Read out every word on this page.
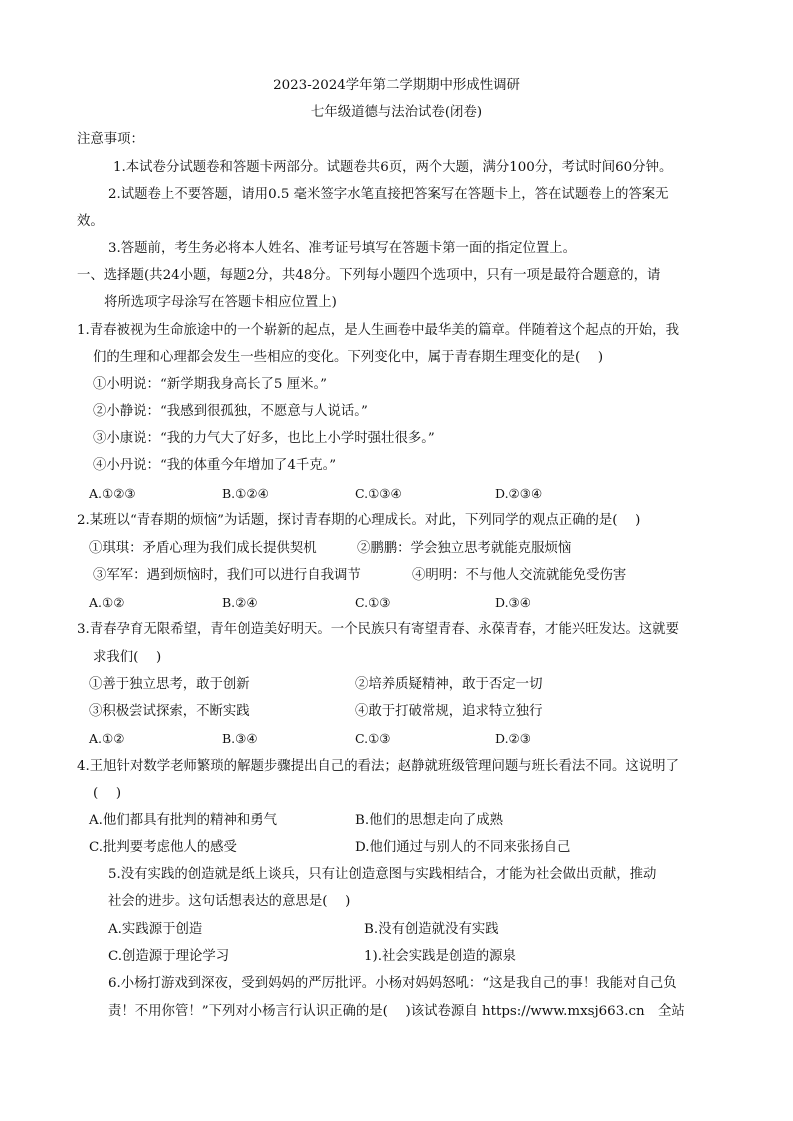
2023-2024学年第二学期期中形成性调研
七年级道德与法治试卷(闭卷)
注意事项：
1.本试卷分试题卷和答题卡两部分。试题卷共6页，两个大题，满分100分，考试时间60分钟。
2.试题卷上不要答题，请用0.5 毫米签字水笔直接把答案写在答题卡上，答在试题卷上的答案无
效。
3.答题前，考生务必将本人姓名、准考证号填写在答题卡第一面的指定位置上。
一、选择题(共24小题，每题2分，共48分。下列每小题四个选项中，只有一项是最符合题意的，请
将所选项字母涂写在答题卡相应位置上)
1.青春被视为生命旅途中的一个崭新的起点，是人生画卷中最华美的篇章。伴随着这个起点的开始，我
们的生理和心理都会发生一些相应的变化。下列变化中，属于青春期生理变化的是(　 )
①小明说：“新学期我身高长了5 厘米。”
②小静说：“我感到很孤独，不愿意与人说话。”
③小康说：“我的力气大了好多，也比上小学时强壮很多。”
④小丹说：“我的体重今年增加了4千克。”
A.①②③	B.①②④	C.①③④	D.②③④
2.某班以“青春期的烦恼”为话题，探讨青春期的心理成长。对此，下列同学的观点正确的是(　 )
①琪琪：矛盾心理为我们成长提供契机	②鹏鹏：学会独立思考就能克服烦恼
③军军：遇到烦恼时，我们可以进行自我调节	④明明：不与他人交流就能免受伤害
A.①②	B.②④	C.①③	D.③④
3.青春孕育无限希望，青年创造美好明天。一个民族只有寄望青春、永葆青春，才能兴旺发达。这就要
求我们(　 )
①善于独立思考，敢于创新	②培养质疑精神，敢于否定一切
③积极尝试探索，不断实践	④敢于打破常规，追求特立独行
A.①②	B.③④	C.①③	D.②③
4.王旭针对数学老师繁琐的解题步骤提出自己的看法；赵静就班级管理问题与班长看法不同。这说明了
(　 )
A.他们都具有批判的精神和勇气	B.他们的思想走向了成熟
C.批判要考虑他人的感受	D.他们通过与别人的不同来张扬自己
5.没有实践的创造就是纸上谈兵，只有让创造意图与实践相结合，才能为社会做出贡献，推动
社会的进步。这句话想表达的意思是(　 )
A.实践源于创造	B.没有创造就没有实践
C.创造源于理论学习	1).社会实践是创造的源泉
6.小杨打游戏到深夜，受到妈妈的严厉批评。小杨对妈妈怒吼：“这是我自己的事！我能对自己负
责！不用你管！”下列对小杨言行认识正确的是(　 )该试卷源自 https://www.mxsj663.cn　全站
